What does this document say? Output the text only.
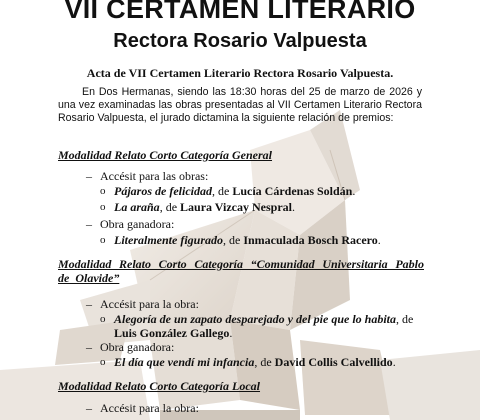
VII CERTAMEN LITERARIO
Rectora Rosario Valpuesta
Acta de VII Certamen Literario Rectora Rosario Valpuesta.

En Dos Hermanas, siendo las 18:30 horas del 25 de marzo de 2026 y una vez examinadas las obras presentadas al VII Certamen Literario Rectora Rosario Valpuesta, el jurado dictamina la siguiente relación de premios:

Modalidad Relato Corto Categoría General
– Accésit para las obras:
o Pájaros de felicidad, de Lucía Cárdenas Soldán.
o La araña, de Laura Vizcay Nespral.
– Obra ganadora:
o Literalmente figurado, de Inmaculada Bosch Racero.
Modalidad Relato Corto Categoría “Comunidad Universitaria Pablo de Olavide”
– Accésit para la obra:
o Alegoría de un zapato desparejado y del pie que lo habita, de Luis González Gallego.
– Obra ganadora:
o El día que vendí mi infancia, de David Collis Calvellido.
Modalidad Relato Corto Categoría Local
– Accésit para la obra:
